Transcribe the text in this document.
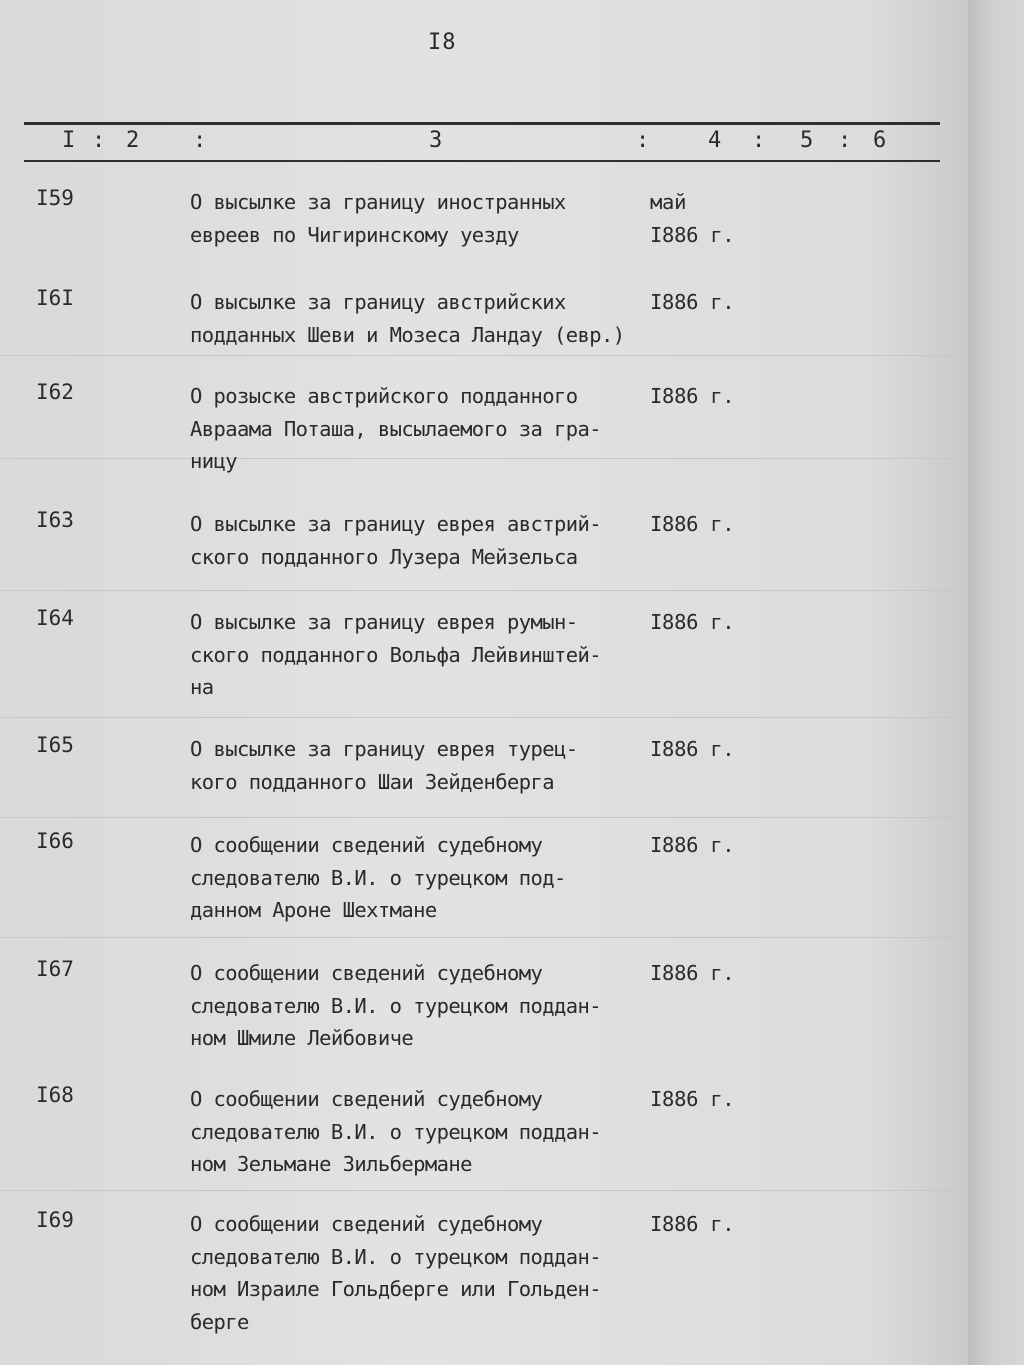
I8
I : 2 :	3	:	4 : 5 : 6
I59	О высылке за границу иностранных
евреев по Чигиринскому уезду
май
I886 г.
I6I	О высылке за границу австрийских
подданных Шеви и Мозеса Ландау (евр.)
I886 г.
I62	О розыске австрийского подданного
Авраама Поташа, высылаемого за гра-
ницу
I886 г.
I63	О высылке за границу еврея австрий-
ского подданного Лузера Мейзельса
I886 г.
I64	О высылке за границу еврея румын-
ского подданного Вольфа Лейвинштей-
на
I886 г.
I65	О высылке за границу еврея турец-
кого подданного Шаи Зейденберга
I886 г.
I66	О сообщении сведений судебному
следователю В.И. о турецком под-
данном Ароне Шехтмане
I886 г.
I67	О сообщении сведений судебному
следователю В.И. о турецком поддан-
ном Шмиле Лейбовиче
I886 г.
I68	О сообщении сведений судебному
следователю В.И. о турецком поддан-
ном Зельмане Зильбермане
I886 г.
I69	О сообщении сведений судебному
следователю В.И. о турецком поддан-
ном Израиле Гольдберге или Гольден-
берге
I886 г.
